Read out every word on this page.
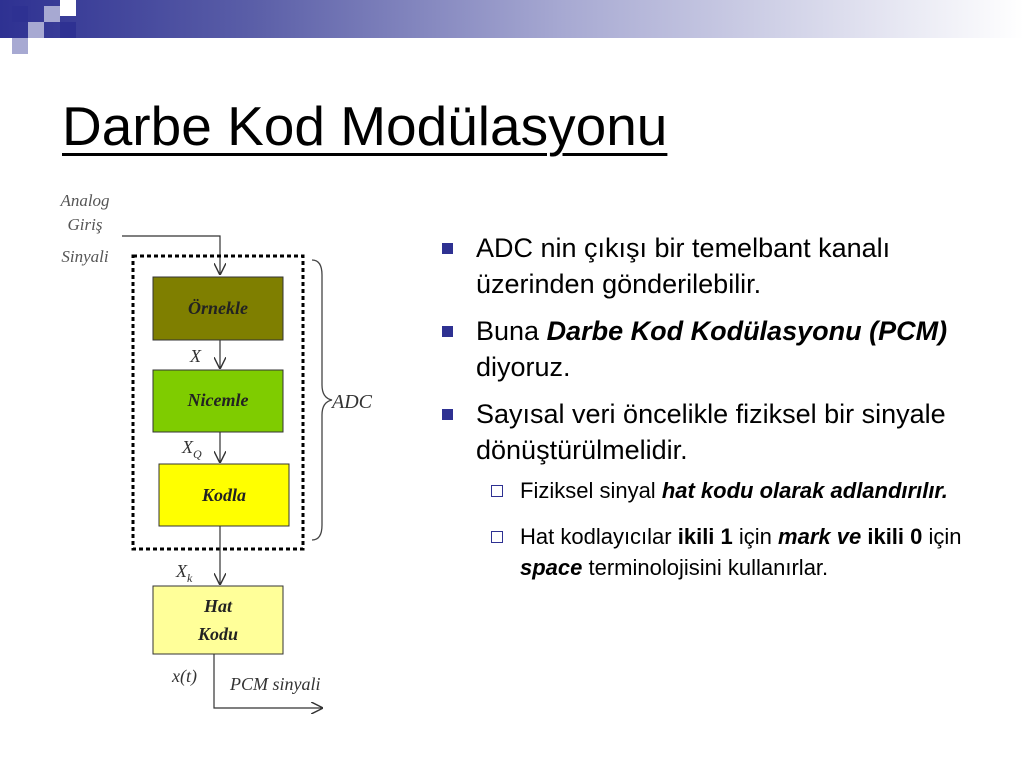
Darbe Kod Modülasyonu
Analog
Giriş
Sinyali
Örnekle
X
Nicemle
$X_Q$
Kodla
ADC
$X_k$
Hat
Kodu
x(t) PCM sinyali
ADC nin çıkışı bir temelbant kanalı üzerinden gönderilebilir.
Buna Darbe Kod Kodülasyonu (PCM) diyoruz.
Sayısal veri öncelikle fiziksel bir sinyale dönüştürülmelidir.
Fiziksel sinyal hat kodu olarak adlandırılır.
Hat kodlayıcılar ikili 1 için mark ve ikili 0 için space terminolojisini kullanırlar.
